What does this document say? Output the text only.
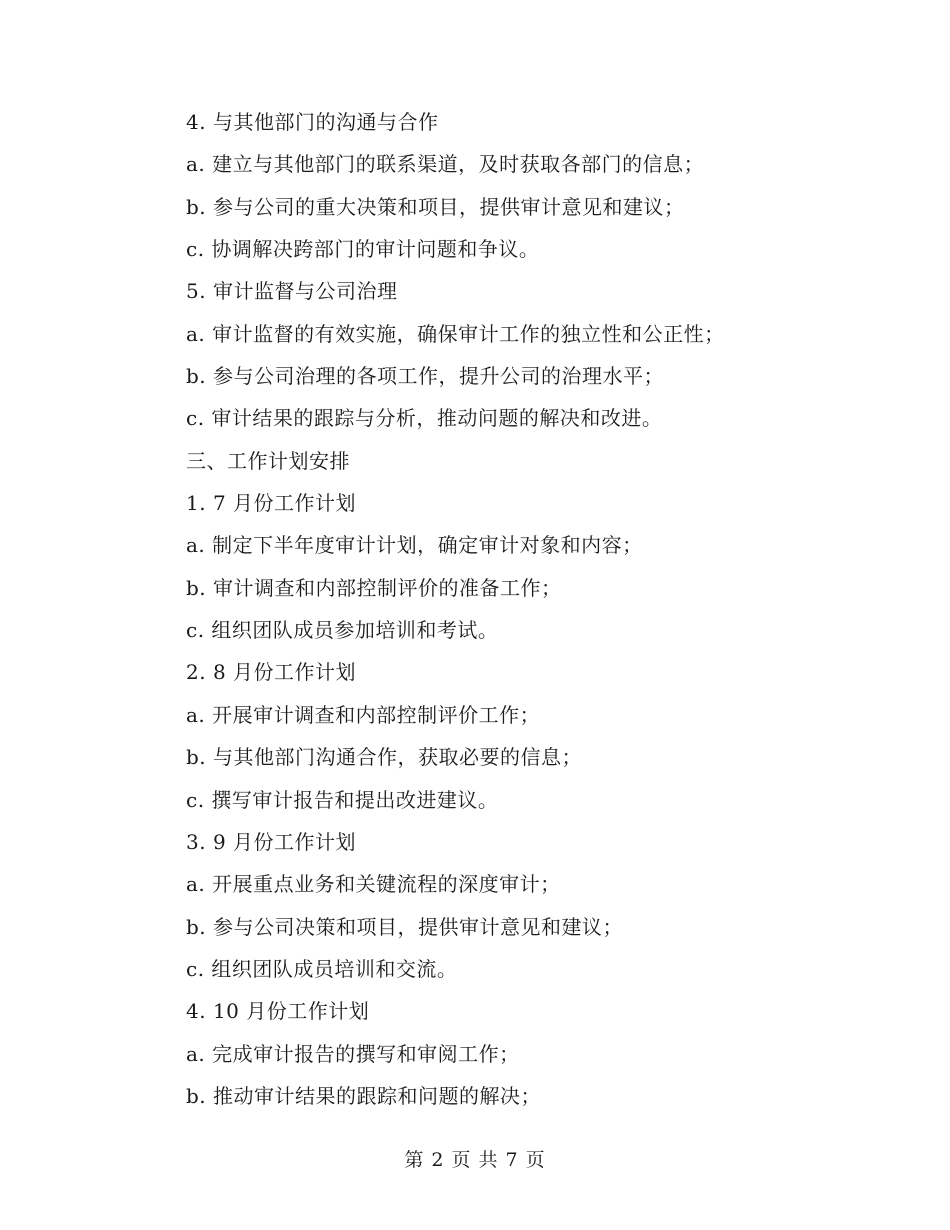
4. 与其他部门的沟通与合作
a. 建立与其他部门的联系渠道，及时获取各部门的信息；
b. 参与公司的重大决策和项目，提供审计意见和建议；
c. 协调解决跨部门的审计问题和争议。
5. 审计监督与公司治理
a. 审计监督的有效实施，确保审计工作的独立性和公正性；
b. 参与公司治理的各项工作，提升公司的治理水平；
c. 审计结果的跟踪与分析，推动问题的解决和改进。
三、工作计划安排
1. 7 月份工作计划
a. 制定下半年度审计计划，确定审计对象和内容；
b. 审计调查和内部控制评价的准备工作；
c. 组织团队成员参加培训和考试。
2. 8 月份工作计划
a. 开展审计调查和内部控制评价工作；
b. 与其他部门沟通合作，获取必要的信息；
c. 撰写审计报告和提出改进建议。
3. 9 月份工作计划
a. 开展重点业务和关键流程的深度审计；
b. 参与公司决策和项目，提供审计意见和建议；
c. 组织团队成员培训和交流。
4. 10 月份工作计划
a. 完成审计报告的撰写和审阅工作；
b. 推动审计结果的跟踪和问题的解决；
第 2 页 共 7 页
